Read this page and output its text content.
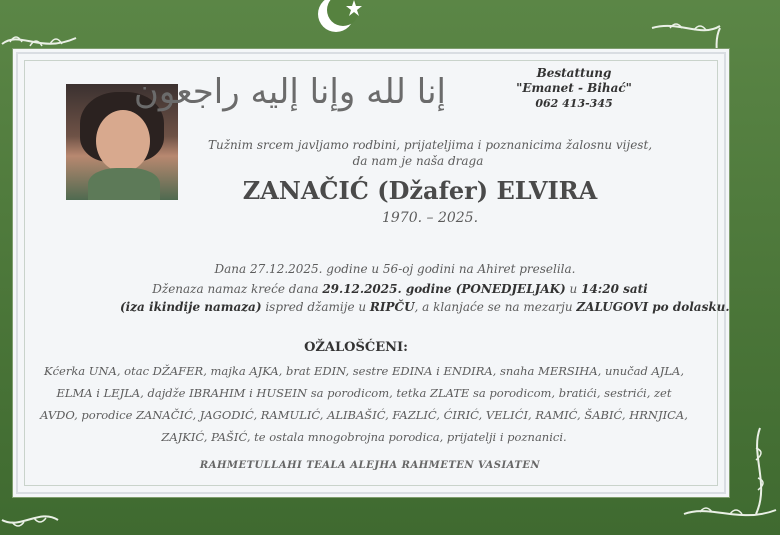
إنا لله وإنا إليه راجعون	Bestattung
"Emanet - Bihać"
062 413-345
Tužnim srcem javljamo rodbini, prijateljima i poznanicima žalosnu vijest,
da nam je naša draga
ZANAČIĆ (Džafer) ELVIRA
1970. – 2025.
Dana 27.12.2025. godine u 56-oj godini na Ahiret preselila.
Dženaza namaz kreće dana 29.12.2025. godine (PONEDJELJAK) u 14:20 sati
(iza ikindije namaza) ispred džamije u RIPČU, a klanjaće se na mezarju ZALUGOVI po dolasku.
OŽALOŠĆENI:
Kćerka UNA, otac DŽAFER, majka AJKA, brat EDIN, sestre EDINA i ENDIRA, snaha MERSIHA, unučad AJLA,
ELMA i LEJLA, dajdže IBRAHIM i HUSEIN sa porodicom, tetka ZLATE sa porodicom, bratići, sestrići, zet
AVDO, porodice ZANAČIĆ, JAGODIĆ, RAMULIĆ, ALIBAŠIĆ, FAZLIĆ, ĆIRIĆ, VELIĆI, RAMIĆ, ŠABIĆ, HRNJICA,
ZAJKIĆ, PAŠIĆ, te ostala mnogobrojna porodica, prijatelji i poznanici.
RAHMETULLAHI TEALA ALEJHA RAHMETEN VASIATEN
